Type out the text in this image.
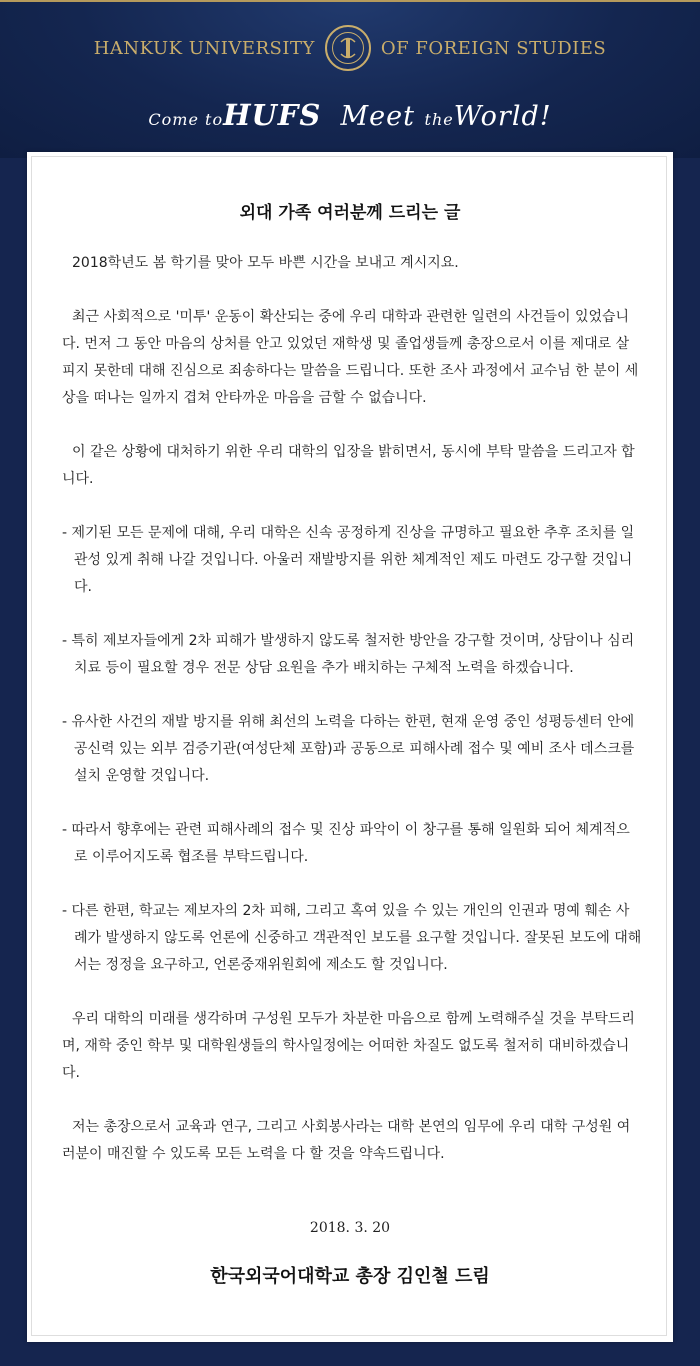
HANKUK UNIVERSITY	OF FOREIGN STUDIES
Come toHUFS Meet theWorld!
외대 가족 여러분께 드리는 글

2018학년도 봄 학기를 맞아 모두 바쁜 시간을 보내고 계시지요.

최근 사회적으로 '미투' 운동이 확산되는 중에 우리 대학과 관련한 일련의 사건들이 있었습니다. 먼저 그 동안 마음의 상처를 안고 있었던 재학생 및 졸업생들께 총장으로서 이를 제대로 살피지 못한데 대해 진심으로 죄송하다는 말씀을 드립니다. 또한 조사 과정에서 교수님 한 분이 세상을 떠나는 일까지 겹쳐 안타까운 마음을 금할 수 없습니다.

이 같은 상황에 대처하기 위한 우리 대학의 입장을 밝히면서, 동시에 부탁 말씀을 드리고자 합니다.

- 제기된 모든 문제에 대해, 우리 대학은 신속 공정하게 진상을 규명하고 필요한 추후 조치를 일관성 있게 취해 나갈 것입니다. 아울러 재발방지를 위한 체계적인 제도 마련도 강구할 것입니다.

- 특히 제보자들에게 2차 피해가 발생하지 않도록 철저한 방안을 강구할 것이며, 상담이나 심리 치료 등이 필요할 경우 전문 상담 요원을 추가 배치하는 구체적 노력을 하겠습니다.

- 유사한 사건의 재발 방지를 위해 최선의 노력을 다하는 한편, 현재 운영 중인 성평등센터 안에 공신력 있는 외부 검증기관(여성단체 포함)과 공동으로 피해사례 접수 및 예비 조사 데스크를 설치 운영할 것입니다.

- 따라서 향후에는 관련 피해사례의 접수 및 진상 파악이 이 창구를 통해 일원화 되어 체계적으로 이루어지도록 협조를 부탁드립니다.

- 다른 한편, 학교는 제보자의 2차 피해, 그리고 혹여 있을 수 있는 개인의 인권과 명예 훼손 사례가 발생하지 않도록 언론에 신중하고 객관적인 보도를 요구할 것입니다. 잘못된 보도에 대해서는 정정을 요구하고, 언론중재위원회에 제소도 할 것입니다.

우리 대학의 미래를 생각하며 구성원 모두가 차분한 마음으로 함께 노력해주실 것을 부탁드리며, 재학 중인 학부 및 대학원생들의 학사일정에는 어떠한 차질도 없도록 철저히 대비하겠습니다.

저는 총장으로서 교육과 연구, 그리고 사회봉사라는 대학 본연의 임무에 우리 대학 구성원 여러분이 매진할 수 있도록 모든 노력을 다 할 것을 약속드립니다.

2018. 3. 20
한국외국어대학교 총장 김인철 드림
